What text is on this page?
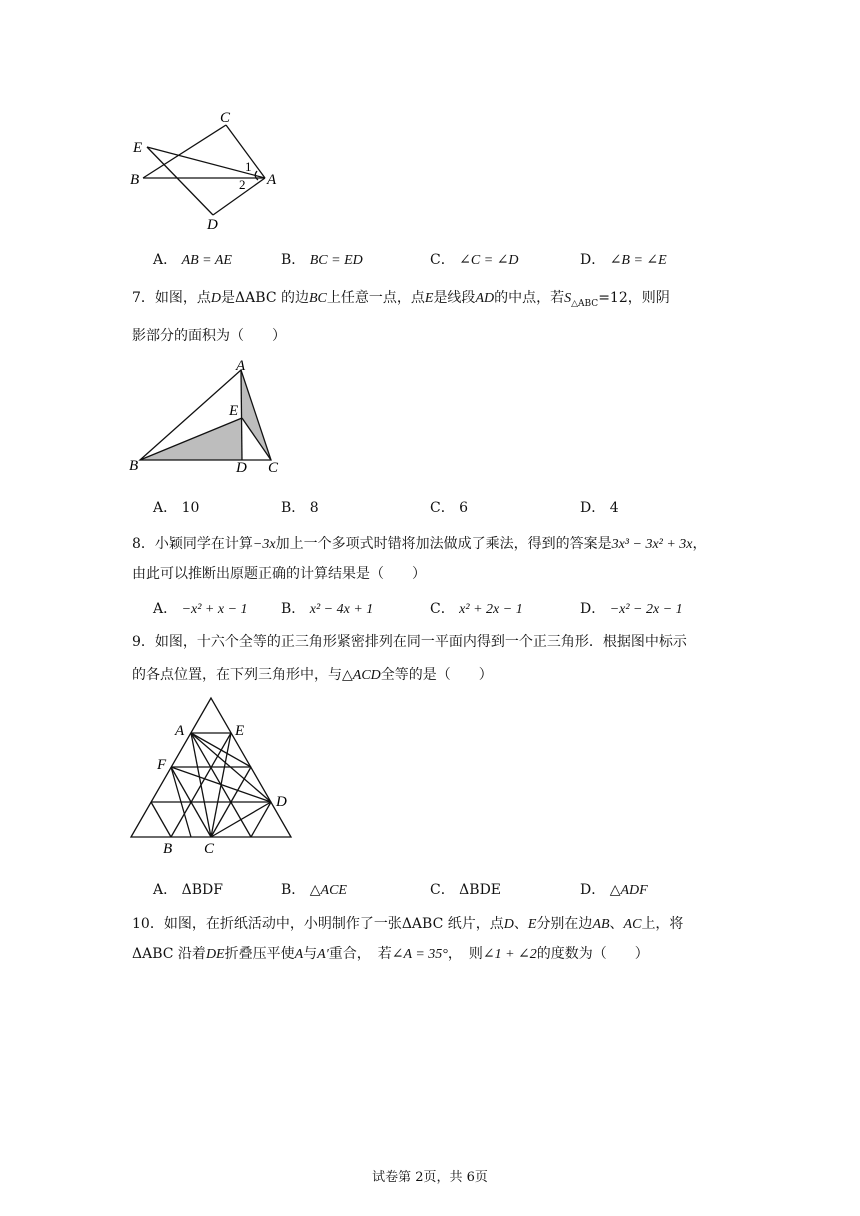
C
E
B	A
D
1
2
A． AB = AE	B． BC = ED	C． ∠C = ∠D	D． ∠B = ∠E
7．如图，点D是ΔABC 的边BC上任意一点，点E是线段AD的中点，若$S_{\triangle ABC}=12$，则阴
影部分的面积为（　　）
A
E
B	D C
A． 10	B． 8	C． 6	D． 4
8．小颖同学在计算−3x加上一个多项式时错将加法做成了乘法，得到的答案是3x³ − 3x² + 3x，
由此可以推断出原题正确的计算结果是（　　）
A． −x² + x − 1 B． x² − 4x + 1	C． x² + 2x − 1	D． −x² − 2x − 1
9．如图，十六个全等的正三角形紧密排列在同一平面内得到一个正三角形．根据图中标示
的各点位置，在下列三角形中，与△ACD全等的是（　　）
A	E
F
D
B C
A． ΔBDF	B． △ACE	C． ΔBDE	D． △ADF
10．如图，在折纸活动中，小明制作了一张ΔABC 纸片，点D、E分别在边AB、AC上，将
ΔABC 沿着DE折叠压平使A与A′重合，　若∠A = 35°，　则∠1 + ∠2的度数为（　　）
试卷第 2页，共 6页
